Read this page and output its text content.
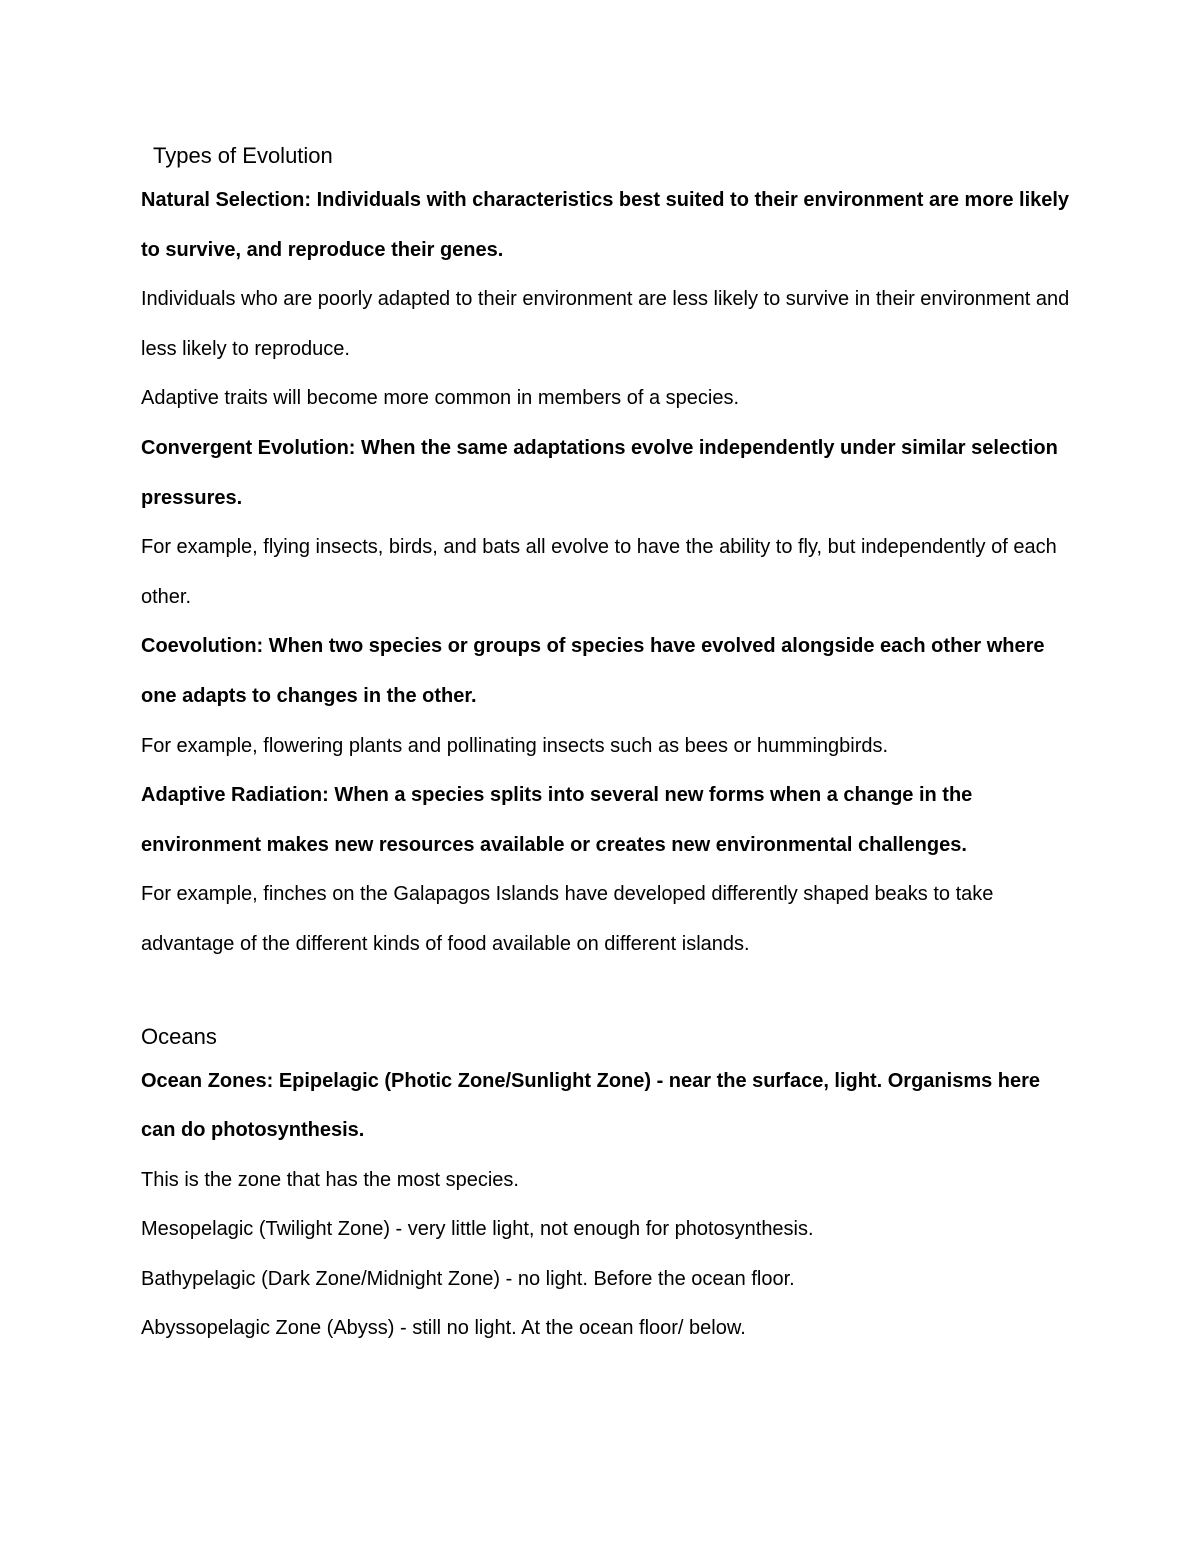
Types of Evolution

Natural Selection: Individuals with characteristics best suited to their environment are more likely to survive, and reproduce their genes.

Individuals who are poorly adapted to their environment are less likely to survive in their environment and less likely to reproduce.

Adaptive traits will become more common in members of a species.

Convergent Evolution: When the same adaptations evolve independently under similar selection pressures.

For example, flying insects, birds, and bats all evolve to have the ability to fly, but independently of each other.

Coevolution: When two species or groups of species have evolved alongside each other where one adapts to changes in the other.

For example, flowering plants and pollinating insects such as bees or hummingbirds.

Adaptive Radiation: When a species splits into several new forms when a change in the environment makes new resources available or creates new environmental challenges.

For example, finches on the Galapagos Islands have developed differently shaped beaks to take advantage of the different kinds of food available on different islands.

Oceans

Ocean Zones: Epipelagic (Photic Zone/Sunlight Zone) - near the surface, light. Organisms here can do photosynthesis.

This is the zone that has the most species.

Mesopelagic (Twilight Zone) - very little light, not enough for photosynthesis.

Bathypelagic (Dark Zone/Midnight Zone) - no light. Before the ocean floor.

Abyssopelagic Zone (Abyss) - still no light. At the ocean floor/ below.
